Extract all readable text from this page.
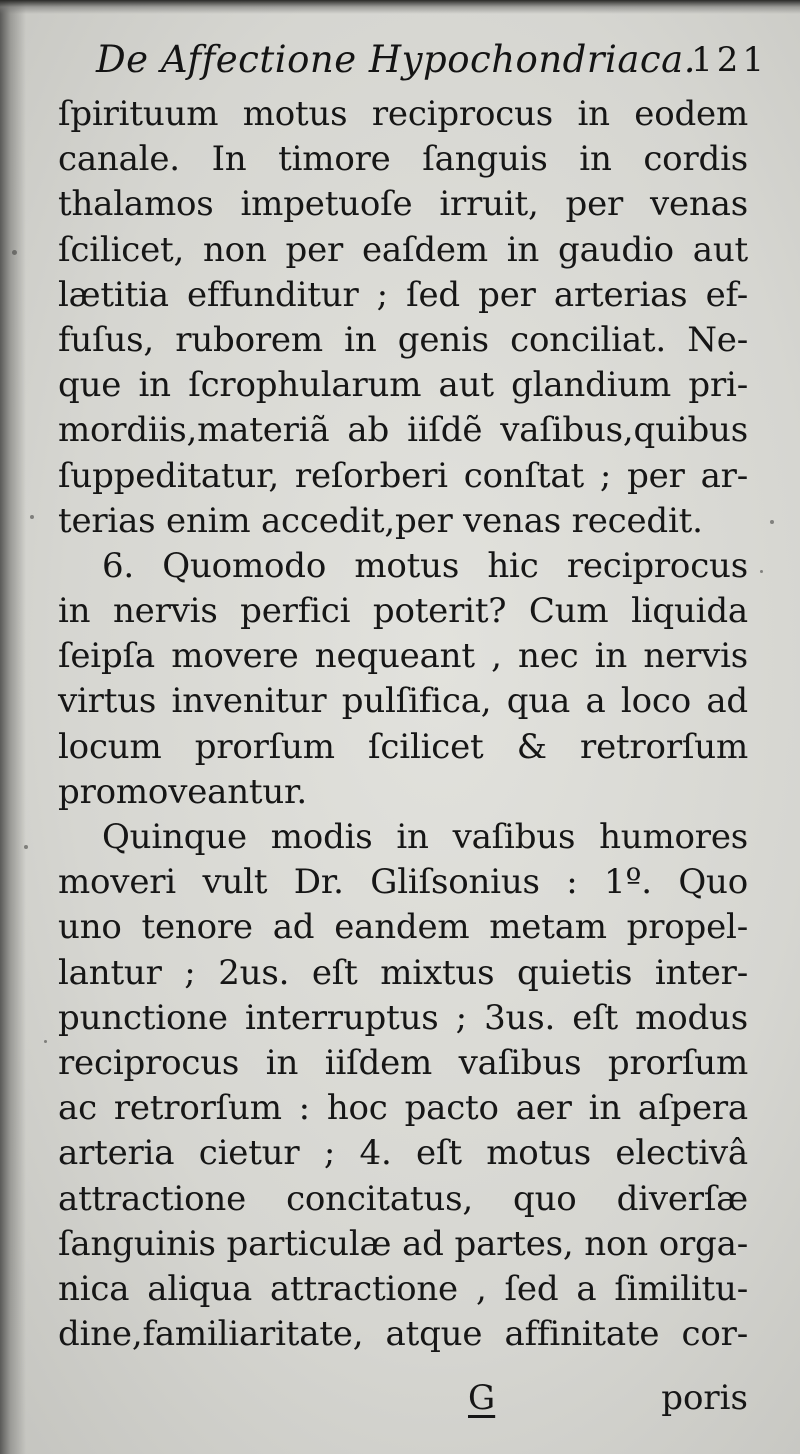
De Affectione Hypochondriaca.
121
ſpirituum motus reciprocus in eodem
canale. In timore ſanguis in cordis
thalamos impetuoſe irruit, per venas
ſcilicet, non per eaſdem in gaudio aut
lætitia effunditur ; ſed per arterias ef-
fuſus, ruborem in genis conciliat. Ne-
que in ſcrophularum aut glandium pri-
mordiis,materiã ab iiſdẽ vaſibus,quibus
ſuppeditatur, reſorberi conſtat ; per ar-
terias enim accedit,per venas recedit.
6. Quomodo motus hic reciprocus
in nervis perfici poterit? Cum liquida
ſeipſa movere nequeant , nec in nervis
virtus invenitur pulſifica, qua a loco ad
locum prorſum ſcilicet & retrorſum
promoveantur.
Quinque modis in vaſibus humores
moveri vult Dr. Gliſsonius : 1º. Quo
uno tenore ad eandem metam propel-
lantur ; 2us. eſt mixtus quietis inter-
punctione interruptus ; 3us. eſt modus
reciprocus in iiſdem vaſibus prorſum
ac retrorſum : hoc pacto aer in aſpera
arteria cietur ; 4. eſt motus electivâ
attractione concitatus, quo diverſæ
ſanguinis particulæ ad partes, non orga-
nica aliqua attractione , ſed a ſimilitu-
dine,familiaritate, atque affinitate cor-
G	poris
